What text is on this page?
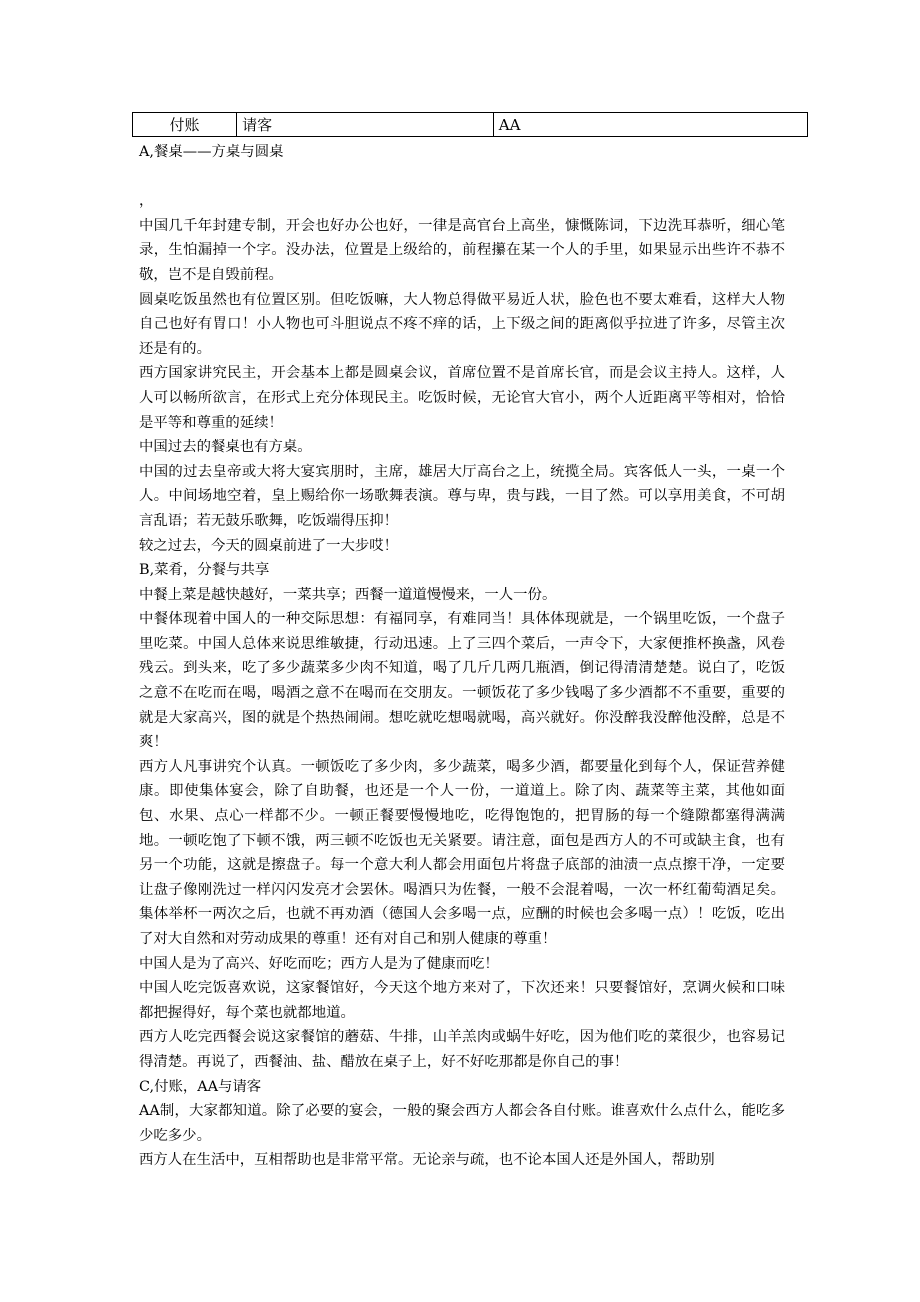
付账	请客	AA

A,餐桌——方桌与圆桌

，

中国几千年封建专制，开会也好办公也好，一律是高官台上高坐，慷慨陈词，下边洗耳恭听，细心笔录，生怕漏掉一个字。没办法，位置是上级给的，前程攥在某一个人的手里，如果显示出些许不恭不敬，岂不是自毁前程。

圆桌吃饭虽然也有位置区别。但吃饭嘛，大人物总得做平易近人状，脸色也不要太难看，这样大人物自己也好有胃口！小人物也可斗胆说点不疼不痒的话，上下级之间的距离似乎拉进了许多，尽管主次还是有的。

西方国家讲究民主，开会基本上都是圆桌会议，首席位置不是首席长官，而是会议主持人。这样，人人可以畅所欲言，在形式上充分体现民主。吃饭时候，无论官大官小，两个人近距离平等相对，恰恰是平等和尊重的延续！

中国过去的餐桌也有方桌。

中国的过去皇帝或大将大宴宾朋时，主席，雄居大厅高台之上，统揽全局。宾客低人一头，一桌一个人。中间场地空着，皇上赐给你一场歌舞表演。尊与卑，贵与践，一目了然。可以享用美食，不可胡言乱语；若无鼓乐歌舞，吃饭端得压抑！

较之过去，今天的圆桌前进了一大步哎！

B,菜肴，分餐与共享

中餐上菜是越快越好，一菜共享；西餐一道道慢慢来，一人一份。

中餐体现着中国人的一种交际思想：有福同享，有难同当！具体体现就是，一个锅里吃饭，一个盘子里吃菜。中国人总体来说思维敏捷，行动迅速。上了三四个菜后，一声令下，大家便推杯换盏，风卷残云。到头来，吃了多少蔬菜多少肉不知道，喝了几斤几两几瓶酒，倒记得清清楚楚。说白了，吃饭之意不在吃而在喝，喝酒之意不在喝而在交朋友。一顿饭花了多少钱喝了多少酒都不不重要，重要的就是大家高兴，图的就是个热热闹闹。想吃就吃想喝就喝，高兴就好。你没醉我没醉他没醉，总是不爽！

西方人凡事讲究个认真。一顿饭吃了多少肉，多少蔬菜，喝多少酒，都要量化到每个人，保证营养健康。即使集体宴会，除了自助餐，也还是一个人一份，一道道上。除了肉、蔬菜等主菜，其他如面包、水果、点心一样都不少。一顿正餐要慢慢地吃，吃得饱饱的，把胃肠的每一个缝隙都塞得满满地。一顿吃饱了下顿不饿，两三顿不吃饭也无关紧要。请注意，面包是西方人的不可或缺主食，也有另一个功能，这就是擦盘子。每一个意大利人都会用面包片将盘子底部的油渍一点点擦干净，一定要让盘子像刚洗过一样闪闪发亮才会罢休。喝酒只为佐餐，一般不会混着喝，一次一杯红葡萄酒足矣。集体举杯一两次之后，也就不再劝酒（德国人会多喝一点，应酬的时候也会多喝一点）！吃饭，吃出了对大自然和对劳动成果的尊重！还有对自己和别人健康的尊重！

中国人是为了高兴、好吃而吃；西方人是为了健康而吃！

中国人吃完饭喜欢说，这家餐馆好，今天这个地方来对了，下次还来！只要餐馆好，烹调火候和口味都把握得好，每个菜也就都地道。

西方人吃完西餐会说这家餐馆的蘑菇、牛排，山羊羔肉或蜗牛好吃，因为他们吃的菜很少，也容易记得清楚。再说了，西餐油、盐、醋放在桌子上，好不好吃那都是你自己的事！

C,付账，AA与请客

AA制，大家都知道。除了必要的宴会，一般的聚会西方人都会各自付账。谁喜欢什么点什么，能吃多少吃多少。

西方人在生活中，互相帮助也是非常平常。无论亲与疏，也不论本国人还是外国人，帮助别
